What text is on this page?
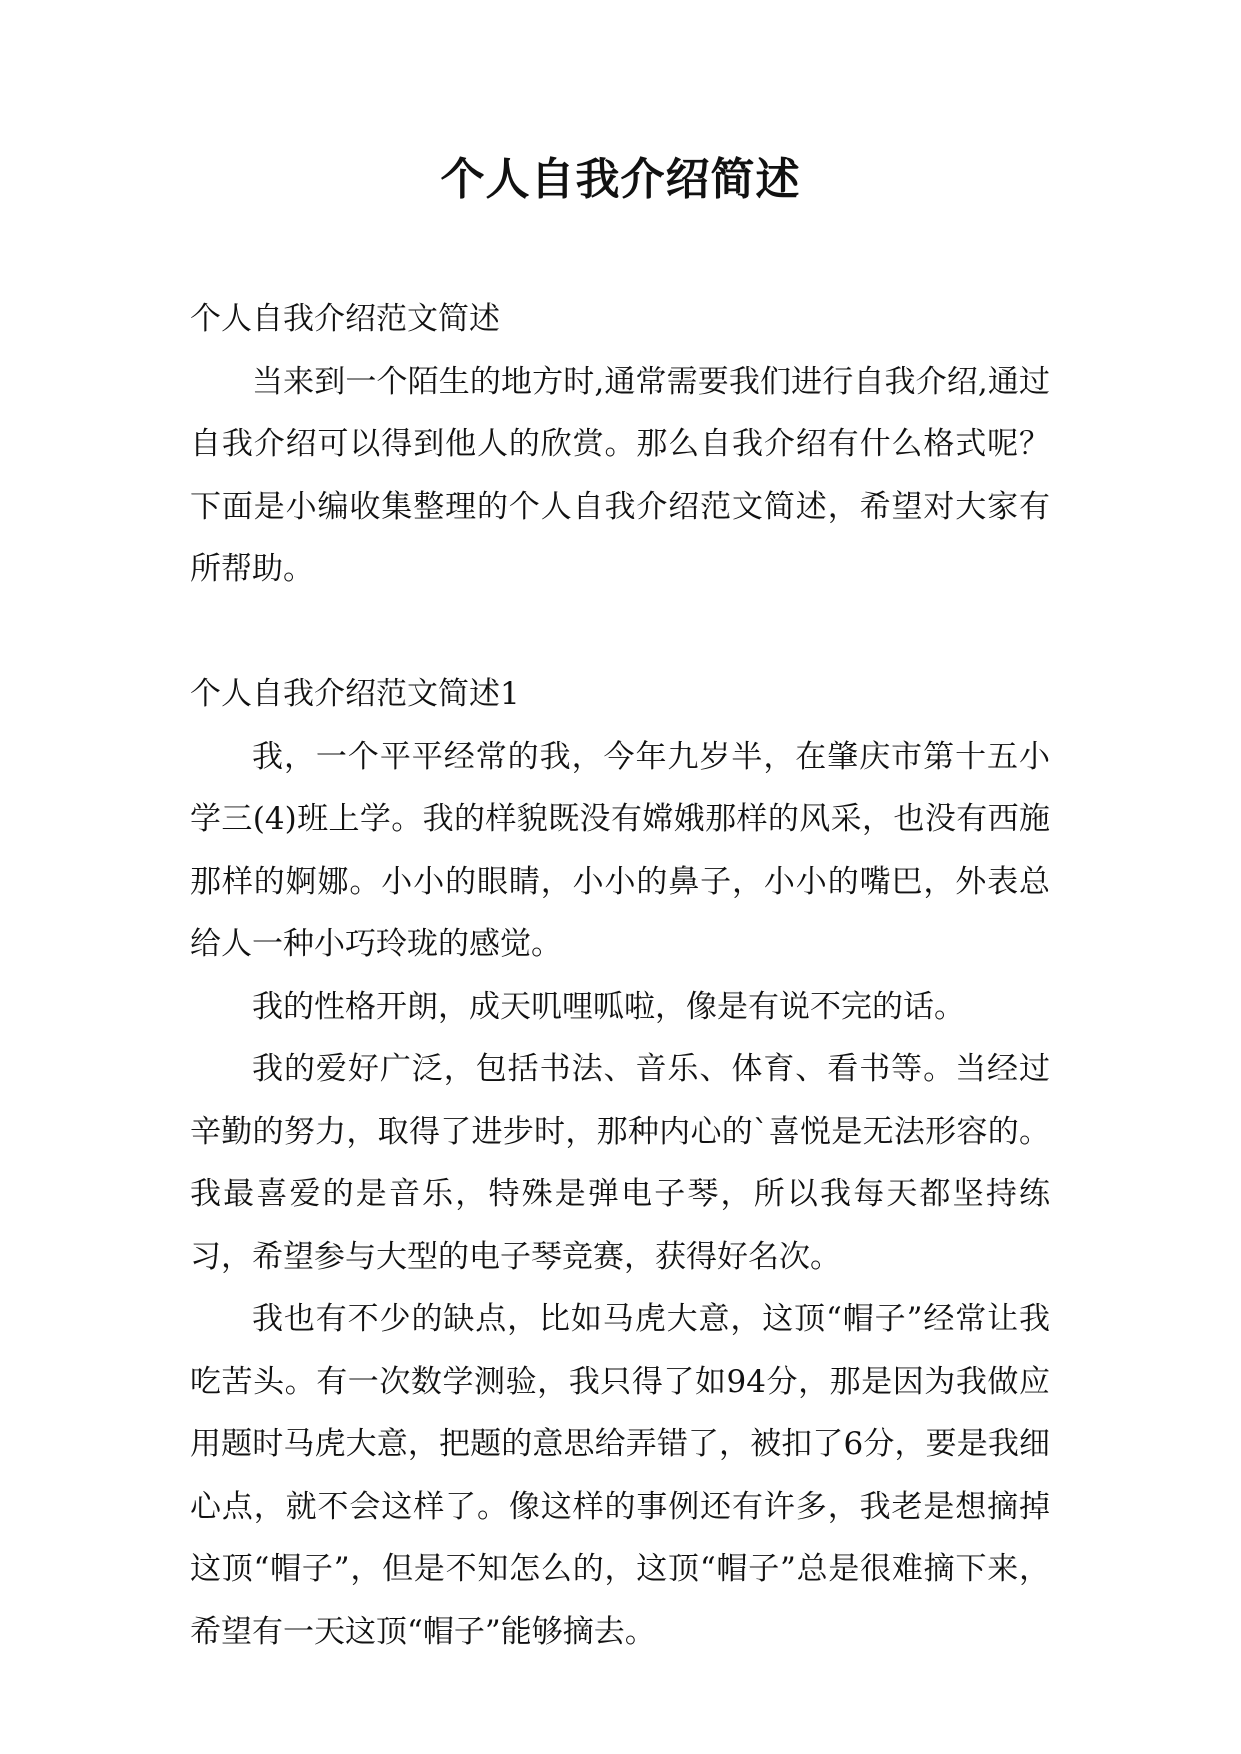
个人自我介绍简述

个人自我介绍范文简述

当来到一个陌生的地方时,通常需要我们进行自我介绍,通过自我介绍可以得到他人的欣赏。那么自我介绍有什么格式呢？下面是小编收集整理的个人自我介绍范文简述，希望对大家有所帮助。

个人自我介绍范文简述1

我，一个平平经常的我，今年九岁半，在肇庆市第十五小学三(4)班上学。我的样貌既没有嫦娥那样的风采，也没有西施那样的婀娜。小小的眼睛，小小的鼻子，小小的嘴巴，外表总给人一种小巧玲珑的感觉。

我的性格开朗，成天叽哩呱啦，像是有说不完的话。

我的爱好广泛，包括书法、音乐、体育、看书等。当经过辛勤的努力，取得了进步时，那种内心的`喜悦是无法形容的。我最喜爱的是音乐，特殊是弹电子琴，所以我每天都坚持练习，希望参与大型的电子琴竞赛，获得好名次。

我也有不少的缺点，比如马虎大意，这顶“帽子”经常让我吃苦头。有一次数学测验，我只得了如94分，那是因为我做应用题时马虎大意，把题的意思给弄错了，被扣了6分，要是我细心点，就不会这样了。像这样的事例还有许多，我老是想摘掉这顶“帽子”，但是不知怎么的，这顶“帽子”总是很难摘下来，希望有一天这顶“帽子”能够摘去。
